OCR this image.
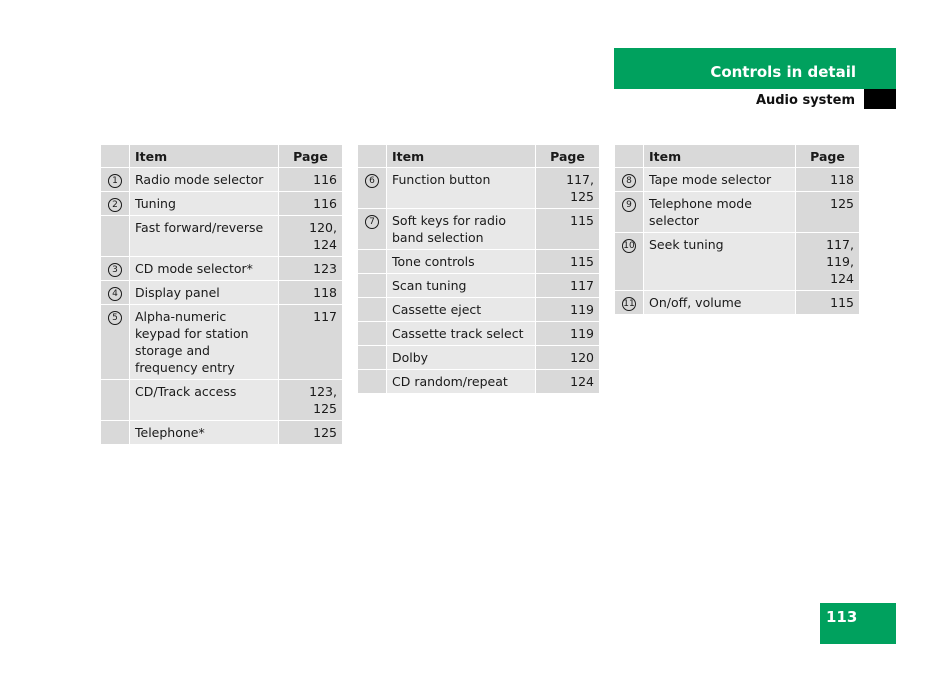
Controls in detail
Audio system
	Item	Page
1	Radio mode selector	116
2	Tuning	116
	Fast forward/reverse	120, 124
3	CD mode selector*	123
4	Display panel	118
5	Alpha-numeric keypad for station storage and frequency entry	117
	CD/Track access	123, 125
	Telephone*	125
	Item	Page
6	Function button	117, 125
7	Soft keys for radio band selection	115
	Tone controls	115
	Scan tuning	117
	Cassette eject	119
	Cassette track select	119
	Dolby	120
	CD random/repeat	124
	Item	Page
8	Tape mode selector	118
9	Telephone mode selector	125
10	Seek tuning	117, 119, 124
11	On/off, volume	115
113
